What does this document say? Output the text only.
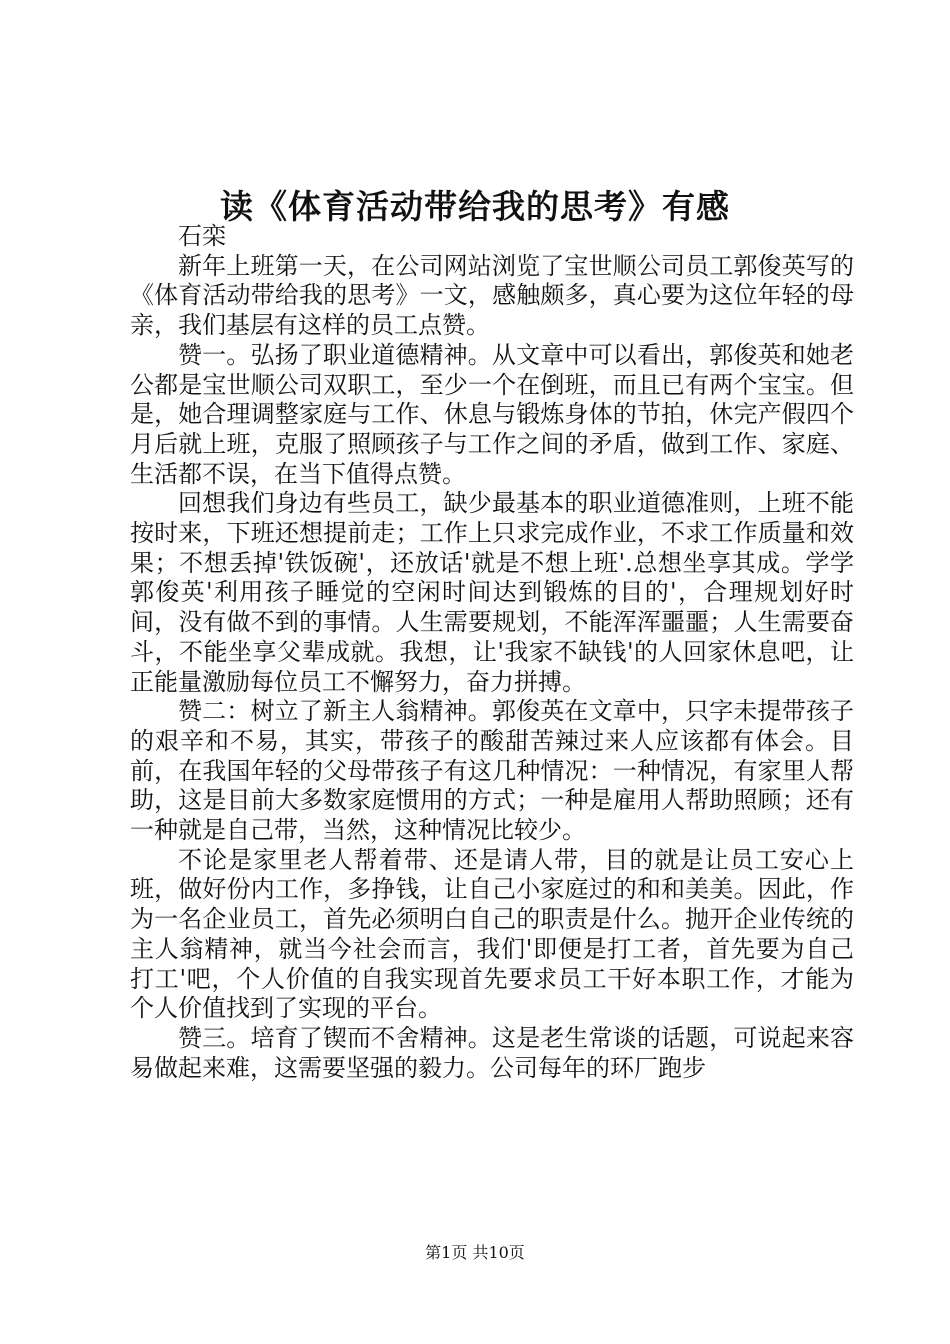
读《体育活动带给我的思考》有感

石栾

新年上班第一天，在公司网站浏览了宝世顺公司员工郭俊英写的《体育活动带给我的思考》一文，感触颇多，真心要为这位年轻的母亲，我们基层有这样的员工点赞。

赞一。弘扬了职业道德精神。从文章中可以看出，郭俊英和她老公都是宝世顺公司双职工，至少一个在倒班，而且已有两个宝宝。但是，她合理调整家庭与工作、休息与锻炼身体的节拍，休完产假四个月后就上班，克服了照顾孩子与工作之间的矛盾，做到工作、家庭、生活都不误，在当下值得点赞。

回想我们身边有些员工，缺少最基本的职业道德准则，上班不能按时来，下班还想提前走；工作上只求完成作业，不求工作质量和效果；不想丢掉'铁饭碗'，还放话'就是不想上班'.总想坐享其成。学学郭俊英'利用孩子睡觉的空闲时间达到锻炼的目的'，合理规划好时间，没有做不到的事情。人生需要规划，不能浑浑噩噩；人生需要奋斗，不能坐享父辈成就。我想，让'我家不缺钱'的人回家休息吧，让正能量激励每位员工不懈努力，奋力拼搏。

赞二：树立了新主人翁精神。郭俊英在文章中，只字未提带孩子的艰辛和不易，其实，带孩子的酸甜苦辣过来人应该都有体会。目前，在我国年轻的父母带孩子有这几种情况：一种情况，有家里人帮助，这是目前大多数家庭惯用的方式；一种是雇用人帮助照顾；还有一种就是自己带，当然，这种情况比较少。

不论是家里老人帮着带、还是请人带，目的就是让员工安心上班，做好份内工作，多挣钱，让自己小家庭过的和和美美。因此，作为一名企业员工，首先必须明白自己的职责是什么。抛开企业传统的主人翁精神，就当今社会而言，我们'即便是打工者，首先要为自己打工'吧，个人价值的自我实现首先要求员工干好本职工作，才能为个人价值找到了实现的平台。

赞三。培育了锲而不舍精神。这是老生常谈的话题，可说起来容易做起来难，这需要坚强的毅力。公司每年的环厂跑步

第1页 共10页
